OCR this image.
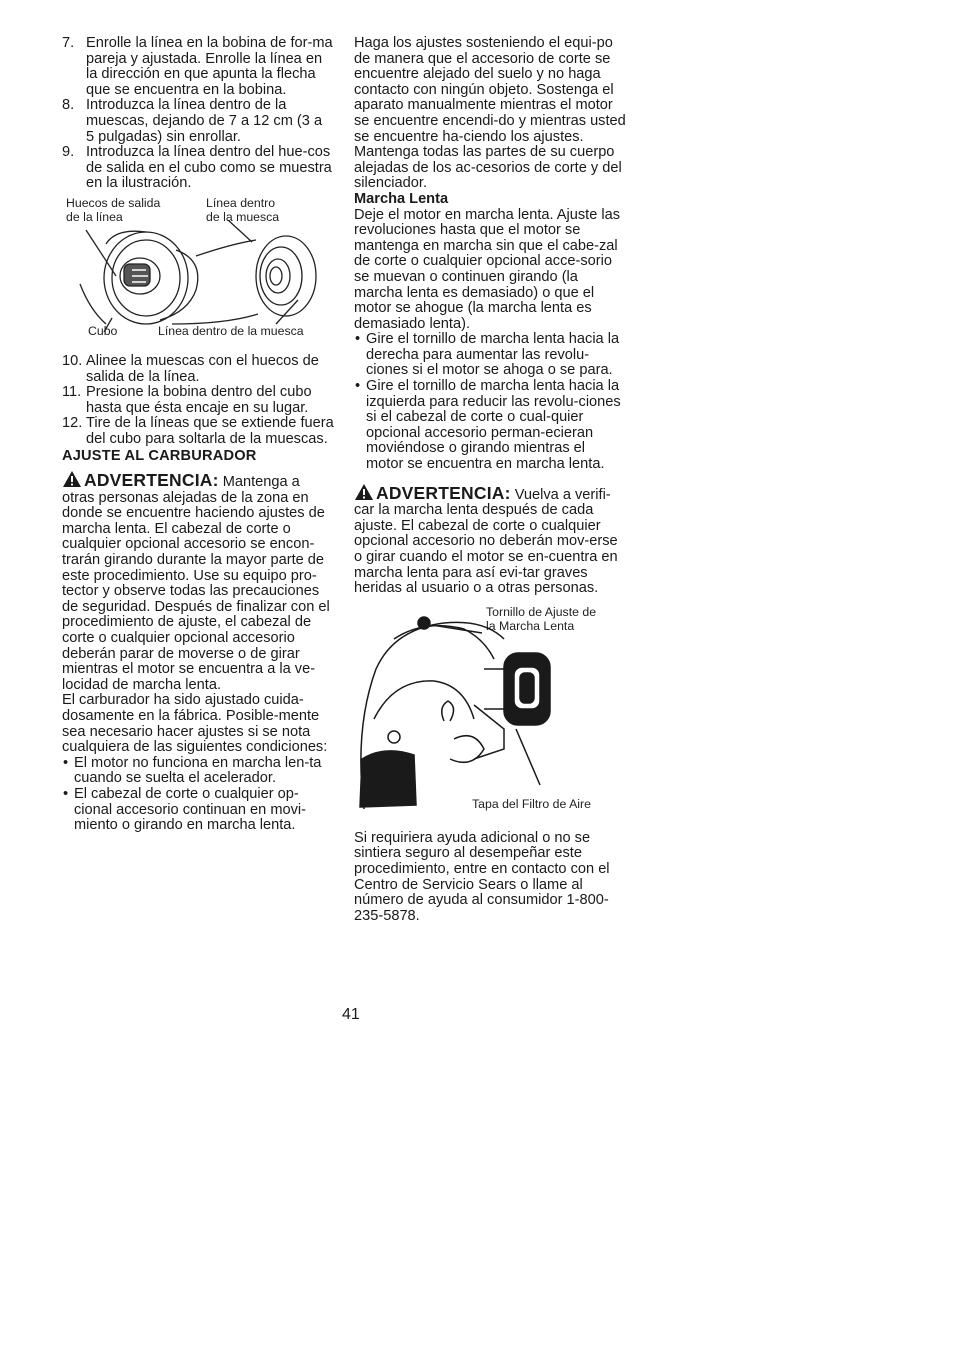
7. Enrolle la línea en la bobina de for-ma pareja y ajustada. Enrolle la línea en la dirección en que apunta la flecha que se encuentra en la bobina.
8. Introduzca la línea dentro de la muescas, dejando de 7 a 12 cm (3 a 5 pulgadas) sin enrollar.
9. Introduzca la línea dentro del hue-cos de salida en el cubo como se muestra en la ilustración.
Huecos de salida
de la línea
Línea dentro
de la muesca
Cubo	Línea dentro de la muesca
10. Alinee la muescas con el huecos de salida de la línea.
11. Presione la bobina dentro del cubo hasta que ésta encaje en su lugar.
12. Tire de la líneas que se extiende fuera del cubo para soltarla de la muescas.
AJUSTE AL CARBURADOR

ADVERTENCIA: Mantenga a otras personas alejadas de la zona en donde se encuentre haciendo ajustes de marcha lenta. El cabezal de corte o cualquier opcional accesorio se encon-trarán girando durante la mayor parte de este procedimiento. Use su equipo pro-tector y observe todas las precauciones de seguridad. Después de finalizar con el procedimiento de ajuste, el cabezal de corte o cualquier opcional accesorio deberán parar de moverse o de girar mientras el motor se encuentra a la ve-locidad de marcha lenta.

El carburador ha sido ajustado cuida-dosamente en la fábrica. Posible-mente sea necesario hacer ajustes si se nota cualquiera de las siguientes condiciones:

• El motor no funciona en marcha len-ta cuando se suelta el acelerador.
• El cabezal de corte o cualquier op-cional accesorio continuan en movi-miento o girando en marcha lenta.

Haga los ajustes sosteniendo el equi-po de manera que el accesorio de corte se encuentre alejado del suelo y no haga contacto con ningún objeto. Sostenga el aparato manualmente mientras el motor se encuentre encendi-do y mientras usted se encuentre ha-ciendo los ajustes. Mantenga todas las partes de su cuerpo alejadas de los ac-cesorios de corte y del silenciador.

Marcha Lenta

Deje el motor en marcha lenta. Ajuste las revoluciones hasta que el motor se mantenga en marcha sin que el cabe-zal de corte o cualquier opcional acce-sorio se muevan o continuen girando (la marcha lenta es demasiado) o que el motor se ahogue (la marcha lenta es demasiado lenta).

• Gire el tornillo de marcha lenta hacia la derecha para aumentar las revolu-ciones si el motor se ahoga o se para.
• Gire el tornillo de marcha lenta hacia la izquierda para reducir las revolu-ciones si el cabezal de corte o cual-quier opcional accesorio perman-ecieran moviéndose o girando mientras el motor se encuentra en marcha lenta.

ADVERTENCIA: Vuelva a verifi-car la marcha lenta después de cada ajuste. El cabezal de corte o cualquier opcional accesorio no deberán mov-erse o girar cuando el motor se en-cuentra en marcha lenta para así evi-tar graves heridas al usuario o a otras personas.

Tornillo de Ajuste de
la Marcha Lenta
Tapa del Filtro de Aire

Si requiriera ayuda adicional o no se sintiera seguro al desempeñar este procedimiento, entre en contacto con el Centro de Servicio Sears o llame al número de ayuda al consumidor 1-800-235-5878.

41
